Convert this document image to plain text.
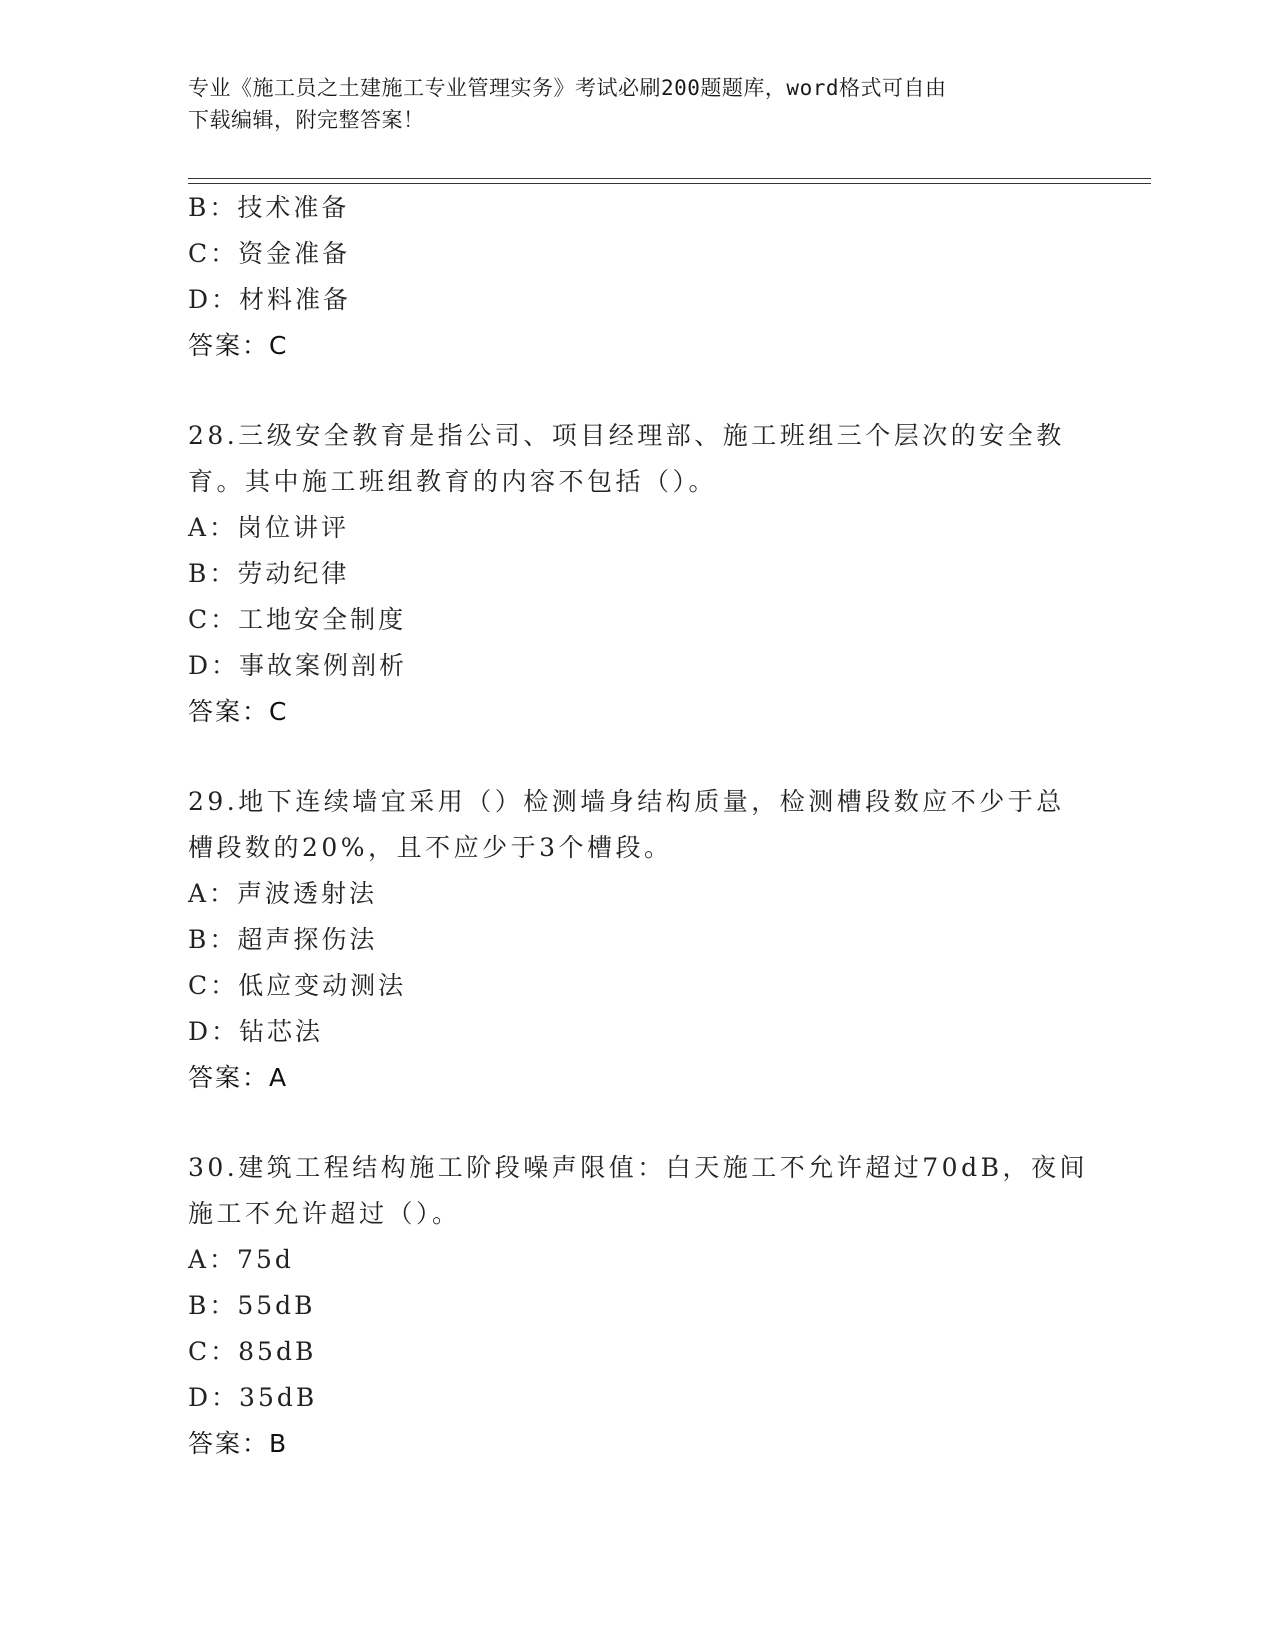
专业《施工员之土建施工专业管理实务》考试必刷200题题库，word格式可自由
下载编辑，附完整答案！
B：技术准备
C：资金准备
D：材料准备
答案：C
28.三级安全教育是指公司、项目经理部、施工班组三个层次的安全教
育。其中施工班组教育的内容不包括（）。
A：岗位讲评
B：劳动纪律
C：工地安全制度
D：事故案例剖析
答案：C
29.地下连续墙宜采用（）检测墙身结构质量，检测槽段数应不少于总
槽段数的20%，且不应少于3个槽段。
A：声波透射法
B：超声探伤法
C：低应变动测法
D：钻芯法
答案：A
30.建筑工程结构施工阶段噪声限值：白天施工不允许超过70dB，夜间
施工不允许超过（）。
A：75d
B：55dB
C：85dB
D：35dB
答案：B
